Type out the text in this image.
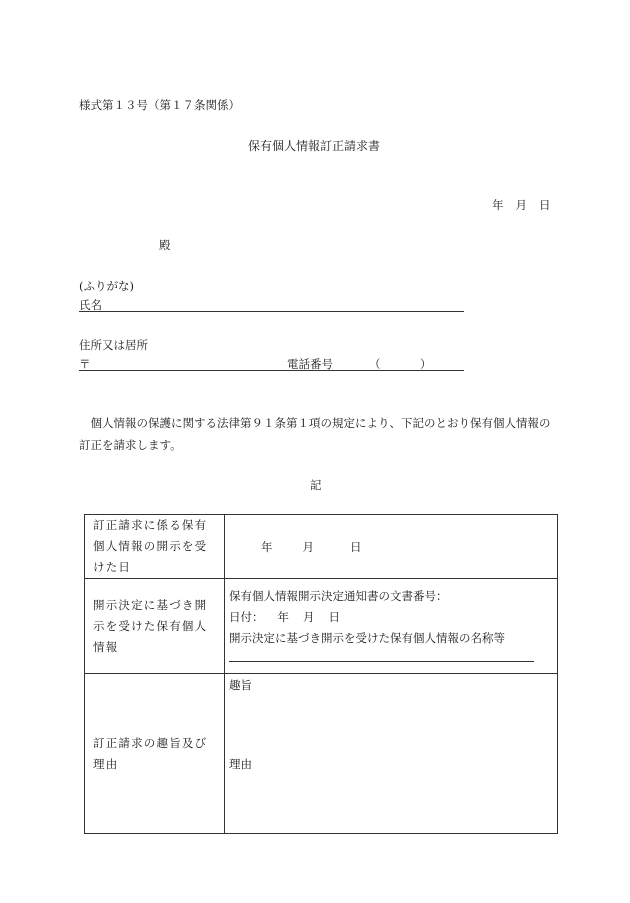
様式第１３号（第１７条関係）
保有個人情報訂正請求書
年 月 日
殿
(ふりがな)
氏名
住所又は居所
〒	電話番号	（	）
個人情報の保護に関する法律第９１条第１項の規定により、下記のとおり保有個人情報の訂正を請求します。
記
訂正請求に係る保有個人情報の開示を受けた日	年 月 日

開示決定に基づき開示を受けた保有個人情報	保有個人情報開示決定通知書の文書番号：
日付： 年 月 日
開示決定に基づき開示を受けた保有個人情報の名称等

訂正請求の趣旨及び理由	趣旨
理由
